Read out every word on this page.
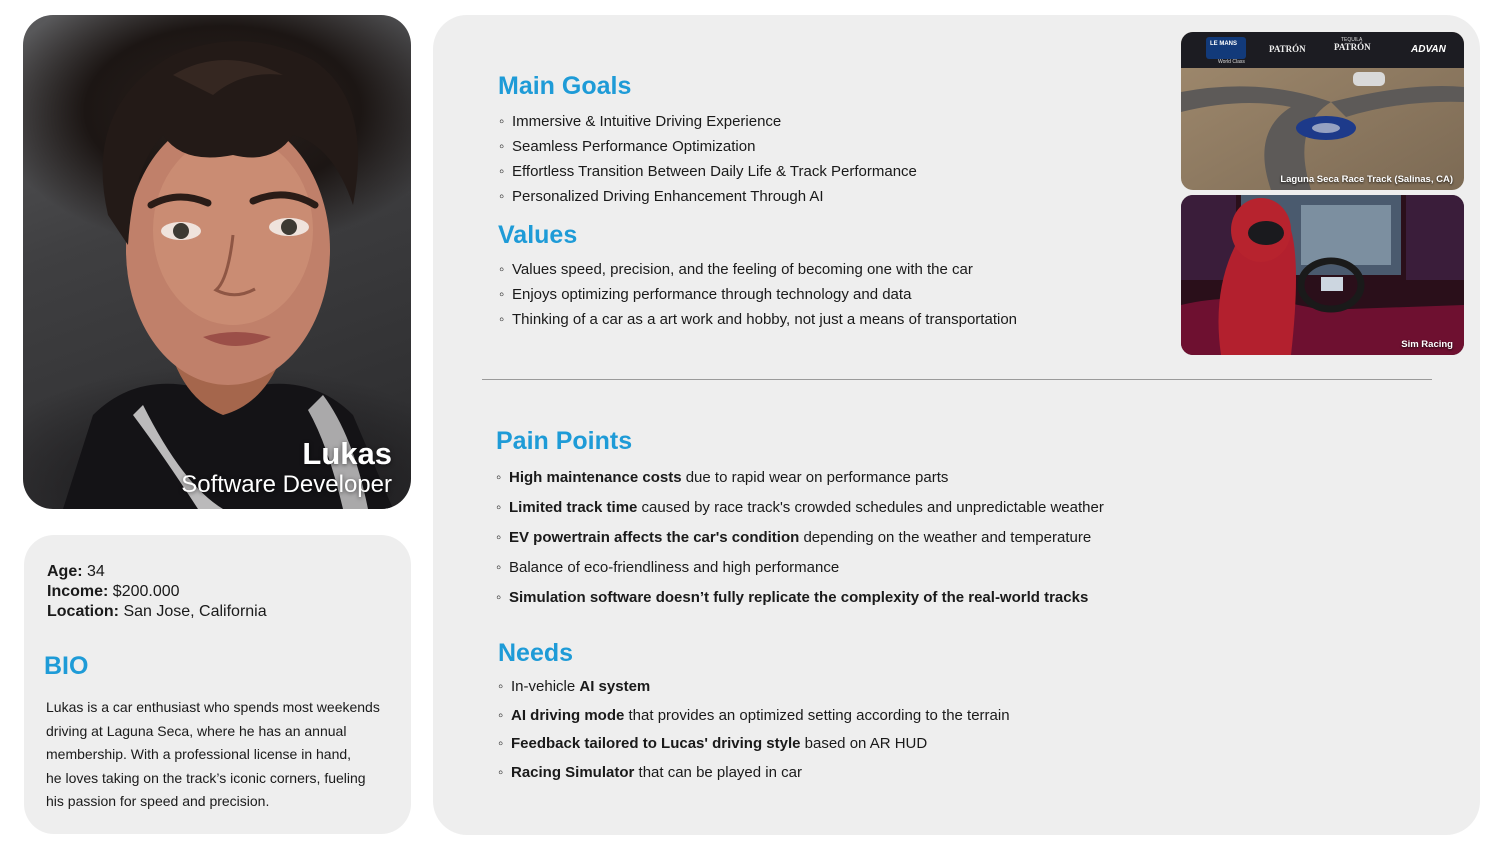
Lukas
Software Developer
Age: 34
Income: $200.000
Location: San Jose, California
BIO
Lukas is a car enthusiast who spends most weekends
driving at Laguna Seca, where he has an annual
membership. With a professional license in hand,
he loves taking on the track’s iconic corners, fueling
his passion for speed and precision.
Main Goals
◦ Immersive & Intuitive Driving Experience
◦ Seamless Performance Optimization
◦ Effortless Transition Between Daily Life & Track Performance
◦ Personalized Driving Enhancement Through AI
Values
◦ Values speed, precision, and the feeling of becoming one with the car
◦ Enjoys optimizing performance through technology and data
◦ Thinking of a car as a art work and hobby, not just a means of transportation
LE MANS
World Class
TEQUILA
PATRÓN	PATRÓN	ADVAN
Laguna Seca Race Track (Salinas, CA)
Sim Racing
Pain Points
◦ High maintenance costs due to rapid wear on performance parts
◦ Limited track time caused by race track's crowded schedules and unpredictable weather
◦ EV powertrain affects the car's condition depending on the weather and temperature
◦ Balance of eco-friendliness and high performance
◦ Simulation software doesn’t fully replicate the complexity of the real-world tracks
Needs
◦ In-vehicle AI system
◦ AI driving mode that provides an optimized setting according to the terrain
◦ Feedback tailored to Lucas' driving style based on AR HUD
◦ Racing Simulator that can be played in car
